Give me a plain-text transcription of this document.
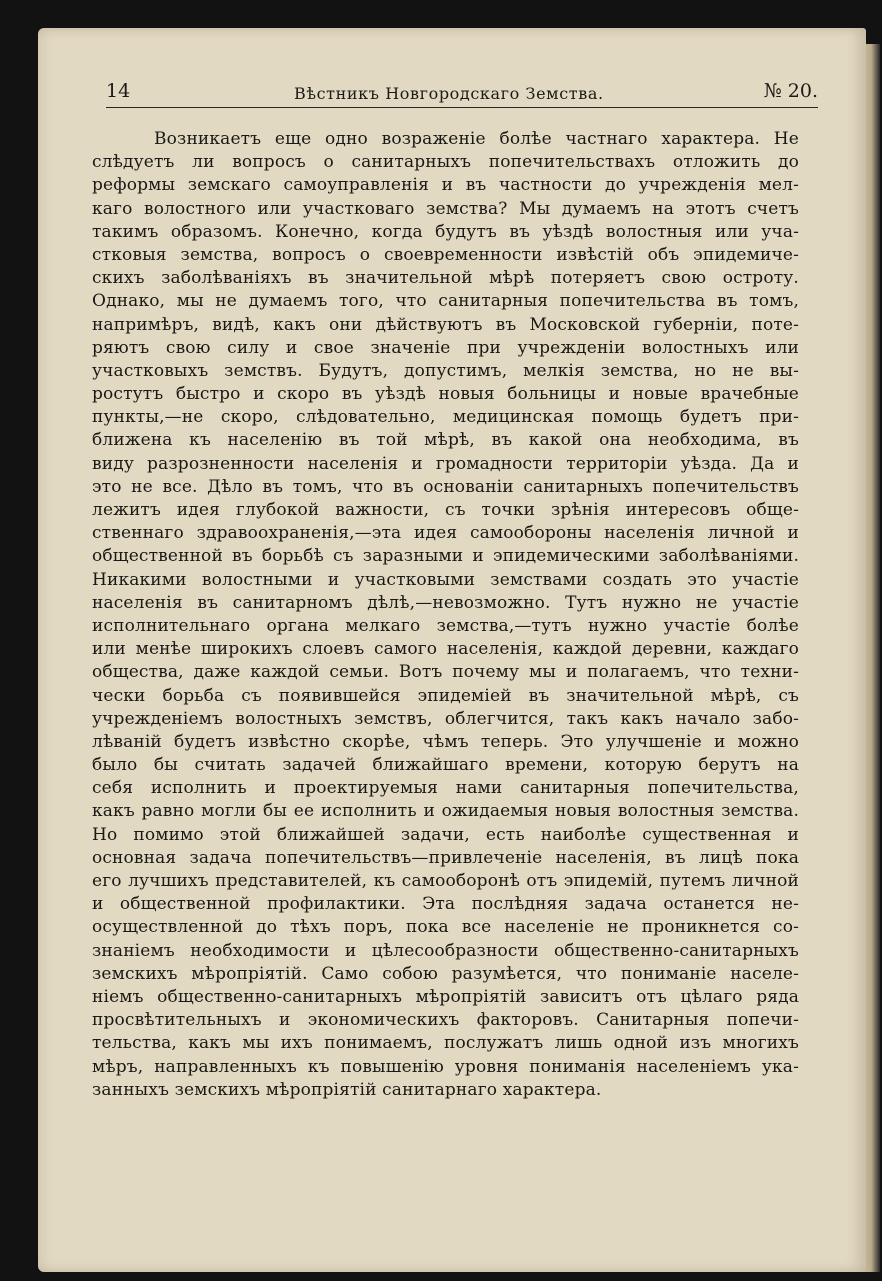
14	Вѣстникъ Новгородскаго Земства.	№ 20.
Возникаетъ еще одно возраженіе болѣе частнаго характера. Не
слѣдуетъ ли вопросъ о санитарныхъ попечительствахъ отложить до
реформы земскаго самоуправленія и въ частности до учрежденія мел-
каго волостного или участковаго земства? Мы думаемъ на этотъ счетъ
такимъ образомъ. Конечно, когда будутъ въ уѣздѣ волостныя или уча-
стковыя земства, вопросъ о своевременности извѣстій объ эпидемиче-
скихъ заболѣваніяхъ въ значительной мѣрѣ потеряетъ свою остроту.
Однако, мы не думаемъ того, что санитарныя попечительства въ томъ,
напримѣръ, видѣ, какъ они дѣйствуютъ въ Московской губерніи, поте-
ряютъ свою силу и свое значеніе при учрежденіи волостныхъ или
участковыхъ земствъ. Будутъ, допустимъ, мелкія земства, но не вы-
ростутъ быстро и скоро въ уѣздѣ новыя больницы и новые врачебные
пункты,—не скоро, слѣдовательно, медицинская помощь будетъ при-
ближена къ населенію въ той мѣрѣ, въ какой она необходима, въ
виду разрозненности населенія и громадности территоріи уѣзда. Да и
это не все. Дѣло въ томъ, что въ основаніи санитарныхъ попечительствъ
лежитъ идея глубокой важности, съ точки зрѣнія интересовъ обще-
ственнаго здравоохраненія,—эта идея самообороны населенія личной и
общественной въ борьбѣ съ заразными и эпидемическими заболѣваніями.
Никакими волостными и участковыми земствами создать это участіе
населенія въ санитарномъ дѣлѣ,—невозможно. Тутъ нужно не участіе
исполнительнаго органа мелкаго земства,—тутъ нужно участіе болѣе
или менѣе широкихъ слоевъ самого населенія, каждой деревни, каждаго
общества, даже каждой семьи. Вотъ почему мы и полагаемъ, что техни-
чески борьба съ появившейся эпидеміей въ значительной мѣрѣ, съ
учрежденіемъ волостныхъ земствъ, облегчится, такъ какъ начало забо-
лѣваній будетъ извѣстно скорѣе, чѣмъ теперь. Это улучшеніе и можно
было бы считать задачей ближайшаго времени, которую берутъ на
себя исполнить и проектируемыя нами санитарныя попечительства,
какъ равно могли бы ее исполнить и ожидаемыя новыя волостныя земства.
Но помимо этой ближайшей задачи, есть наиболѣе существенная и
основная задача попечительствъ—привлеченіе населенія, въ лицѣ пока
его лучшихъ представителей, къ самооборонѣ отъ эпидемій, путемъ личной
и общественной профилактики. Эта послѣдняя задача останется не-
осуществленной до тѣхъ поръ, пока все населеніе не проникнется со-
знаніемъ необходимости и цѣлесообразности общественно-санитарныхъ
земскихъ мѣропріятій. Само собою разумѣется, что пониманіе населе-
ніемъ общественно-санитарныхъ мѣропріятій зависитъ отъ цѣлаго ряда
просвѣтительныхъ и экономическихъ факторовъ. Санитарныя попечи-
тельства, какъ мы ихъ понимаемъ, послужатъ лишь одной изъ многихъ
мѣръ, направленныхъ къ повышенію уровня пониманія населеніемъ ука-
занныхъ земскихъ мѣропріятій санитарнаго характера.
